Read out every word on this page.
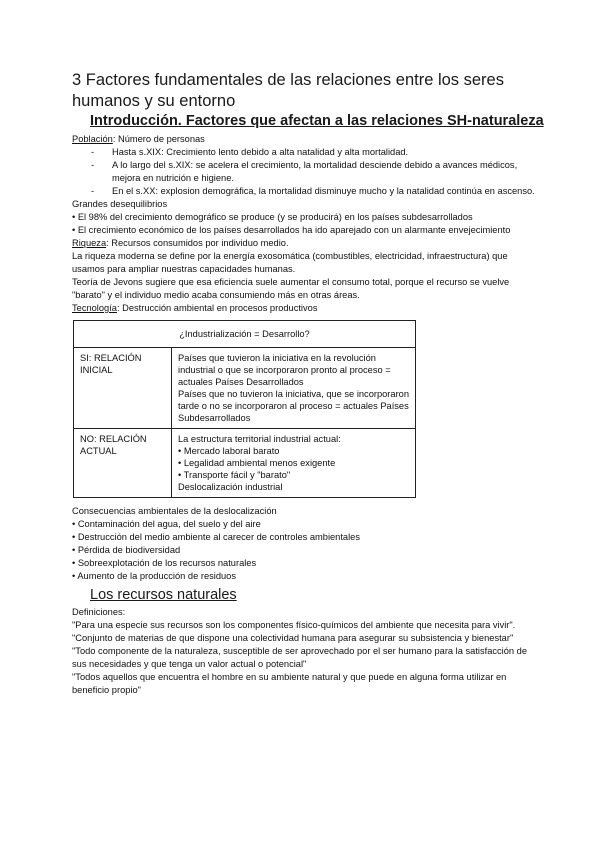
3 Factores fundamentales de las relaciones entre los seres humanos y su entorno
Introducción. Factores que afectan a las relaciones SH-naturaleza

Población: Número de personas

- Hasta s.XIX: Crecimiento lento debido a alta natalidad y alta mortalidad.
- A lo largo del s.XIX: se acelera el crecimiento, la mortalidad desciende debido a avances médicos, mejora en nutrición e higiene.
- En el s.XX: explosion demográfica, la mortalidad disminuye mucho y la natalidad continúa en ascenso.

Grandes desequilibrios

• El 98% del crecimiento demográfico se produce (y se producirá) en los países subdesarrollados

• El crecimiento económico de los países desarrollados ha ido aparejado con un alarmante envejecimiento

Riqueza: Recursos consumidos por individuo medio.

La riqueza moderna se define por la energía exosomática (combustibles, electricidad, infraestructura) que usamos para ampliar nuestras capacidades humanas.

Teoría de Jevons sugiere que esa eficiencia suele aumentar el consumo total, porque el recurso se vuelve "barato" y el individuo medio acaba consumiendo más en otras áreas.

Tecnología: Destrucción ambiental en procesos productivos

¿Industrialización = Desarrollo?	
SI: RELACIÓN INICIAL	Países que tuvieron la iniciativa en la revolución industrial o que se incorporaron pronto al proceso = actuales Países Desarrollados
Países que no tuvieron la iniciativa, que se incorporaron tarde o no se incorporaron al proceso = actuales Países Subdesarrollados

NO: RELACIÓN ACTUAL	La estructura territorial industrial actual:
• Mercado laboral barato
• Legalidad ambiental menos exigente
• Transporte fácil y "barato"
Deslocalización industrial

Consecuencias ambientales de la deslocalización

• Contaminación del agua, del suelo y del aire

• Destrucción del medio ambiente al carecer de controles ambientales

• Pérdida de biodiversidad

• Sobreexplotación de los recursos naturales

• Aumento de la producción de residuos

Los recursos naturales

Definiciones:

"Para una especie sus recursos son los componentes físico-químicos del ambiente que necesita para vivir".

"Conjunto de materias de que dispone una colectividad humana para asegurar su subsistencia y bienestar"

"Todo componente de la naturaleza, susceptible de ser aprovechado por el ser humano para la satisfacción de sus necesidades y que tenga un valor actual o potencial"

"Todos aquellos que encuentra el hombre en su ambiente natural y que puede en alguna forma utilizar en beneficio propio"
